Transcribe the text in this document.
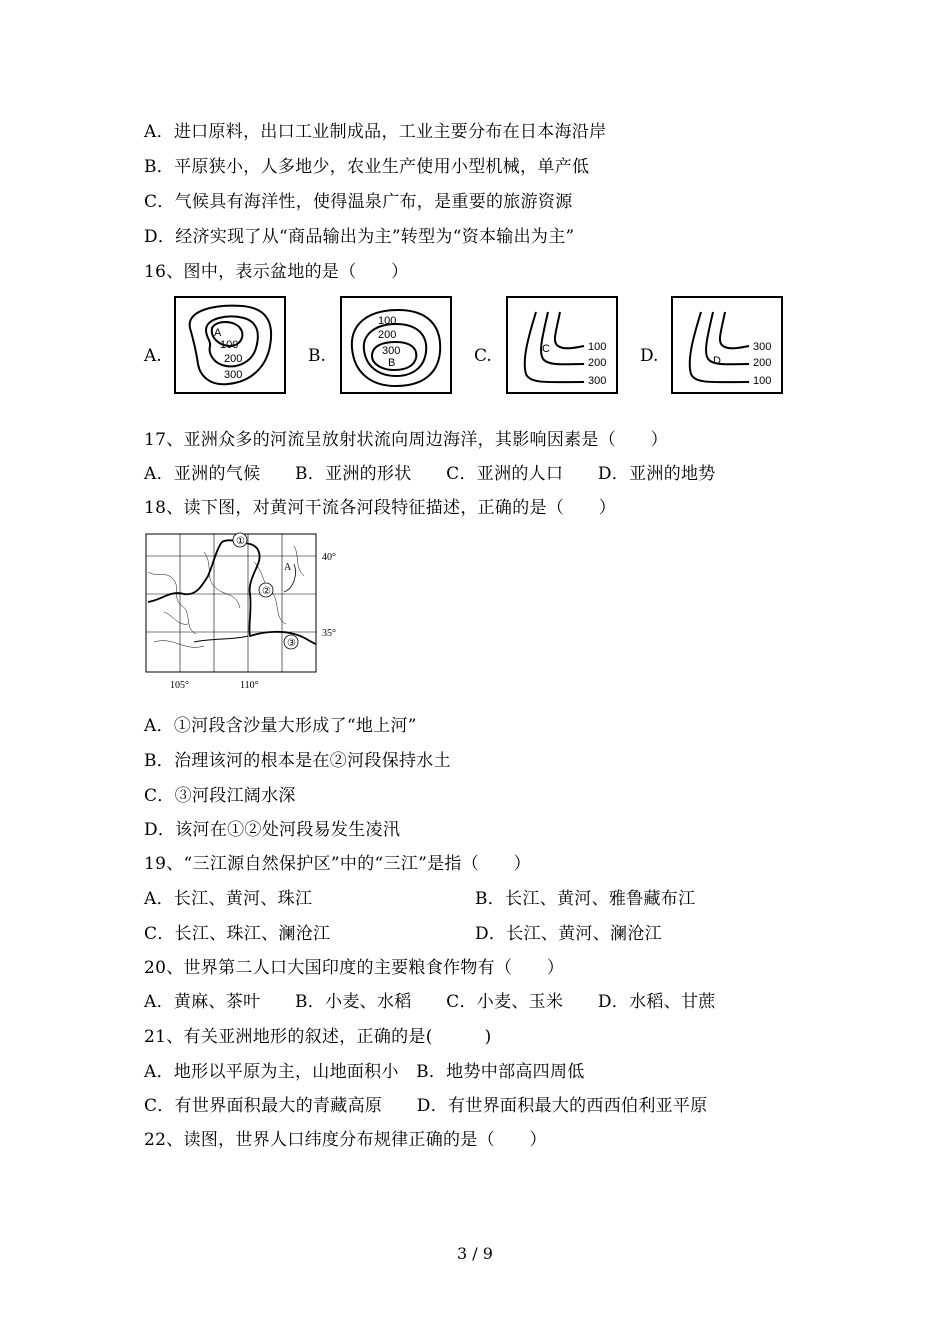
A．进口原料，出口工业制成品，工业主要分布在日本海沿岸
B．平原狭小，人多地少，农业生产使用小型机械，单产低
C．气候具有海洋性，使得温泉广布，是重要的旅游资源
D．经济实现了从“商品输出为主”转型为“资本输出为主”
16、图中，表示盆地的是（　　）
A.
A
100
200
300
B.
100
200
300
B	C.	C	100
200
300
D.	D
300
200
100
17、亚洲众多的河流呈放射状流向周边海洋，其影响因素是（　　）
A．亚洲的气候　　B．亚洲的形状　　C．亚洲的人口　　D．亚洲的地势
18、读下图，对黄河干流各河段特征描述，正确的是（　　）
①
②
③
A
40°
35°
105°	110°
A．①河段含沙量大形成了“地上河”
B．治理该河的根本是在②河段保持水土
C．③河段江阔水深
D．该河在①②处河段易发生凌汛
19、“三江源自然保护区”中的“三江”是指（　　）
A．长江、黄河、珠江	B．长江、黄河、雅鲁藏布江
C．长江、珠江、澜沧江	D．长江、黄河、澜沧江
20、世界第二人口大国印度的主要粮食作物有（　　）
A．黄麻、茶叶　　B．小麦、水稻　　C．小麦、玉米　　D．水稻、甘蔗
21、有关亚洲地形的叙述，正确的是(　　　)
A．地形以平原为主，山地面积小　B．地势中部高四周低
C．有世界面积最大的青藏高原　　D．有世界面积最大的西西伯利亚平原
22、读图，世界人口纬度分布规律正确的是（　　）
3 / 9
